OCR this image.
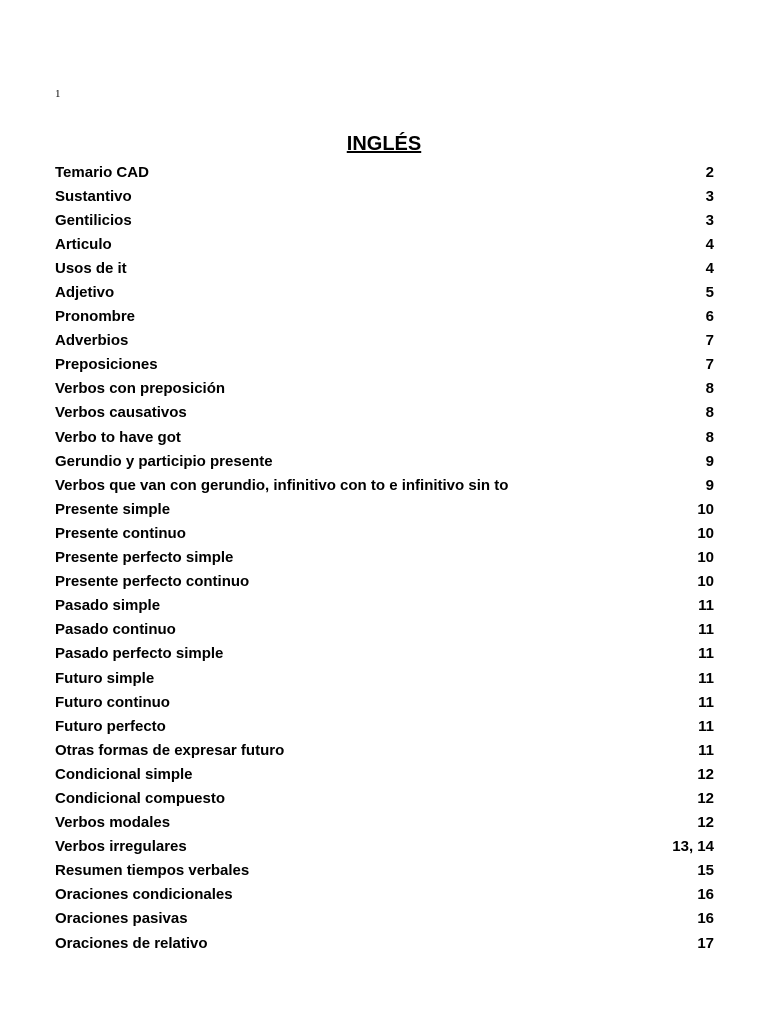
1
INGLÉS
Temario CAD	2
Sustantivo	3
Gentilicios	3
Articulo	4
Usos de it	4
Adjetivo	5
Pronombre	6
Adverbios	7
Preposiciones	7
Verbos con preposición	8
Verbos causativos	8
Verbo to have got	8
Gerundio y participio presente	9
Verbos que van con gerundio, infinitivo con to e infinitivo sin to	9
Presente simple	10
Presente continuo	10
Presente perfecto simple	10
Presente perfecto continuo	10
Pasado simple	11
Pasado continuo	11
Pasado perfecto simple	11
Futuro simple	11
Futuro continuo	11
Futuro perfecto	11
Otras formas de expresar futuro	11
Condicional simple	12
Condicional compuesto	12
Verbos modales	12
Verbos irregulares	13, 14
Resumen tiempos verbales	15
Oraciones condicionales	16
Oraciones pasivas	16
Oraciones de relativo	17
